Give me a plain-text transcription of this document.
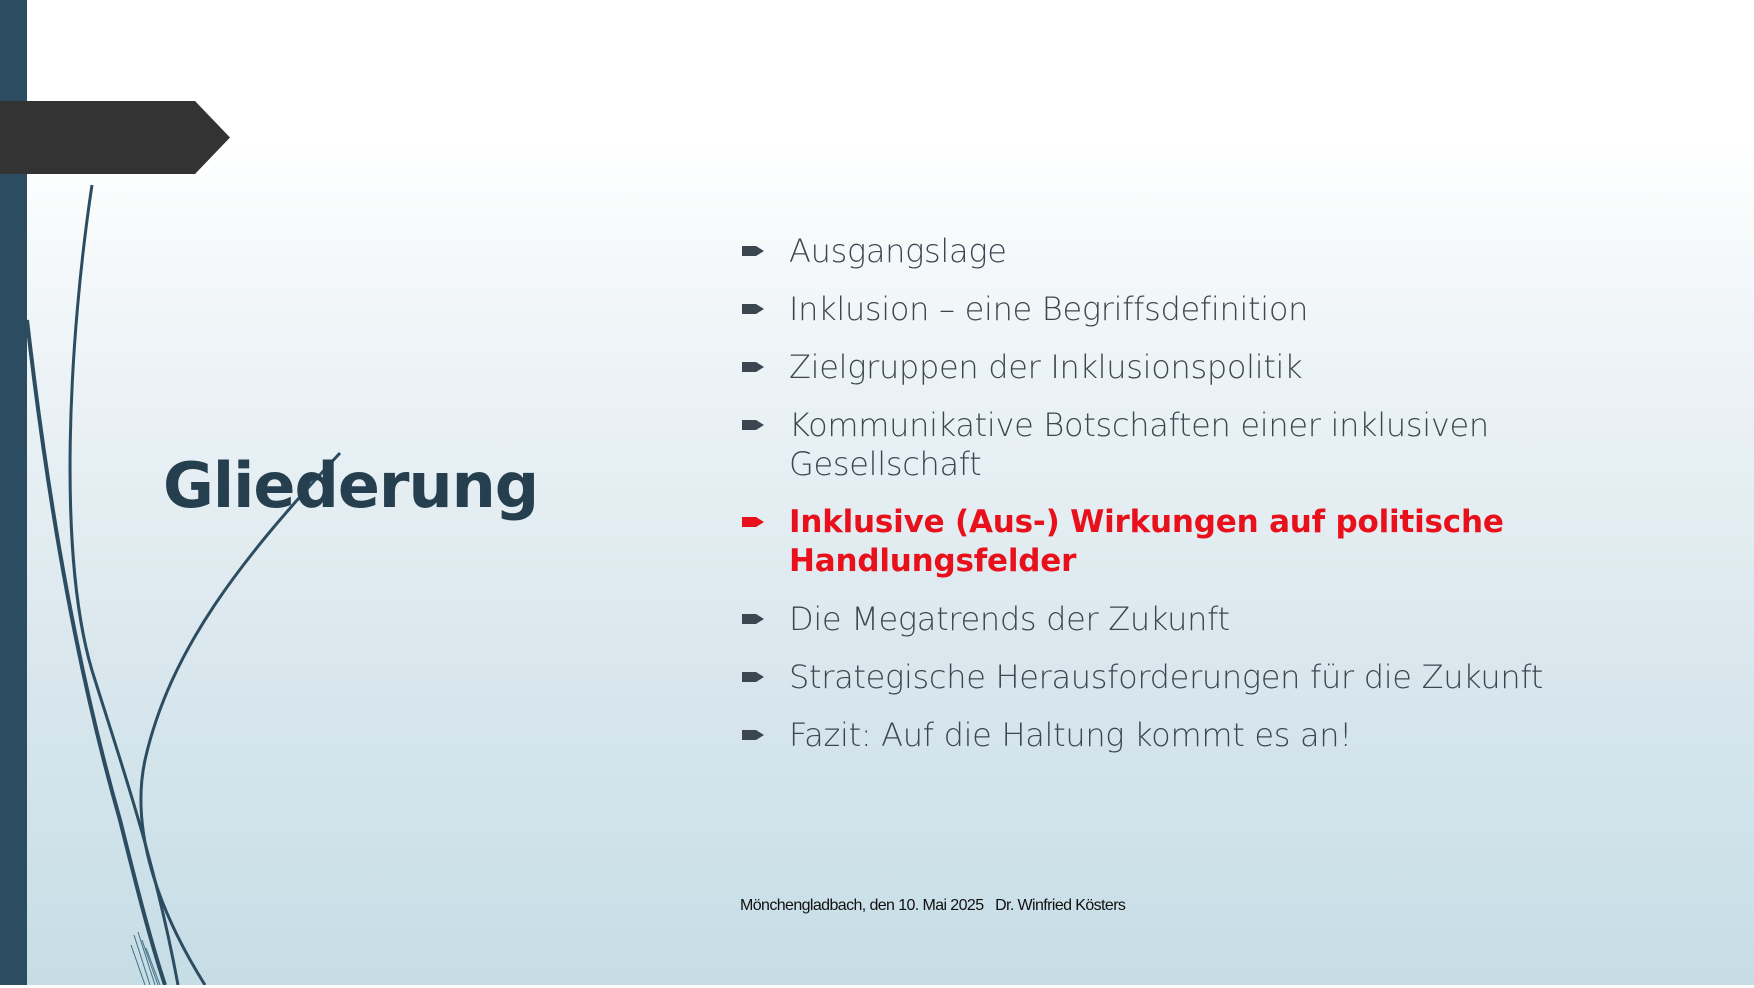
Gliederung
Ausgangslage
Inklusion – eine Begriffsdefinition
Zielgruppen der Inklusionspolitik
Kommunikative Botschaften einer inklusiven Gesellschaft
Inklusive (Aus-) Wirkungen auf politische Handlungsfelder
Die Megatrends der Zukunft
Strategische Herausforderungen für die Zukunft
Fazit: Auf die Haltung kommt es an!
Mönchengladbach, den 10. Mai 2025 Dr. Winfried Kösters
